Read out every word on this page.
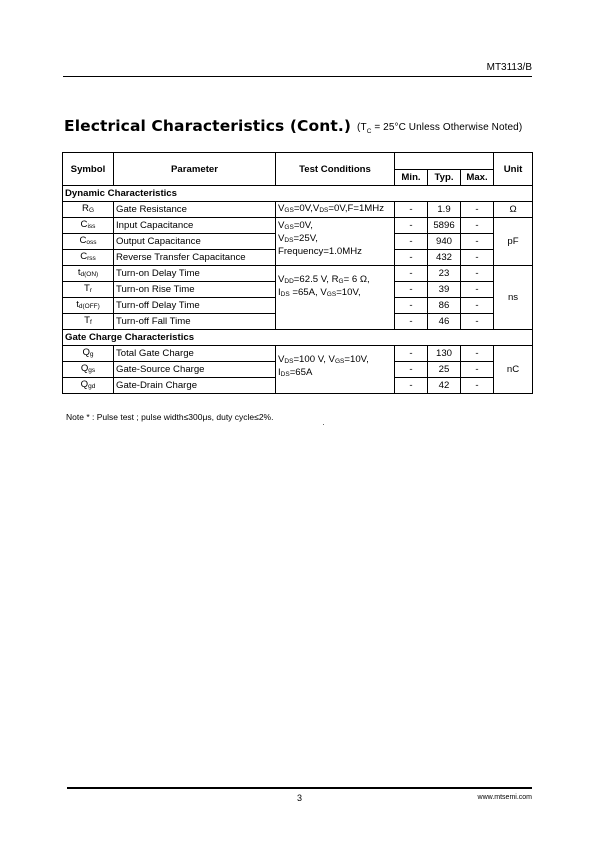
MT3113/B
Electrical Characteristics (Cont.) ($T_C = 25^\circ C$ Unless Otherwise Noted)
Symbol	Parameter	Test Conditions				Unit
			Min.	Typ.	Max.	
Dynamic Characteristics						
$R_G$	Gate Resistance	$V_{GS}=0V,V_{DS}=0V,F=1MHz$	-	1.9	-	Ω
$C_{iss}$	Input Capacitance	$V_{GS}=0V$,
$V_{DS}=25V$,
Frequency=1.0MHz	-	5896	-	pF
$C_{oss}$	Output Capacitance		-	940	-	
$C_{rss}$	Reverse Transfer Capacitance		-	432	-	
$t_{d(ON)}$	Turn-on Delay Time	$V_{DD}=62.5$ V, $R_G= 6$ Ω,
$I_{DS} =65A$, $V_{GS}=10V$,	-	23	-	ns
$T_r$	Turn-on Rise Time		-	39	-	
$t_{d(OFF)}$	Turn-off Delay Time		-	86	-	
$T_f$	Turn-off Fall Time		-	46	-	
Gate Charge Characteristics						
$Q_g$	Total Gate Charge	$V_{DS}=100$ V, $V_{GS}=10V$,
$I_{DS}=65A$	-	130	-	nC
$Q_{gs}$	Gate-Source Charge		-	25	-	
$Q_{gd}$	Gate-Drain Charge		-	42	-	
Note * : Pulse test ; pulse width≤300μs, duty cycle≤2%.
3	www.mtsemi.com
